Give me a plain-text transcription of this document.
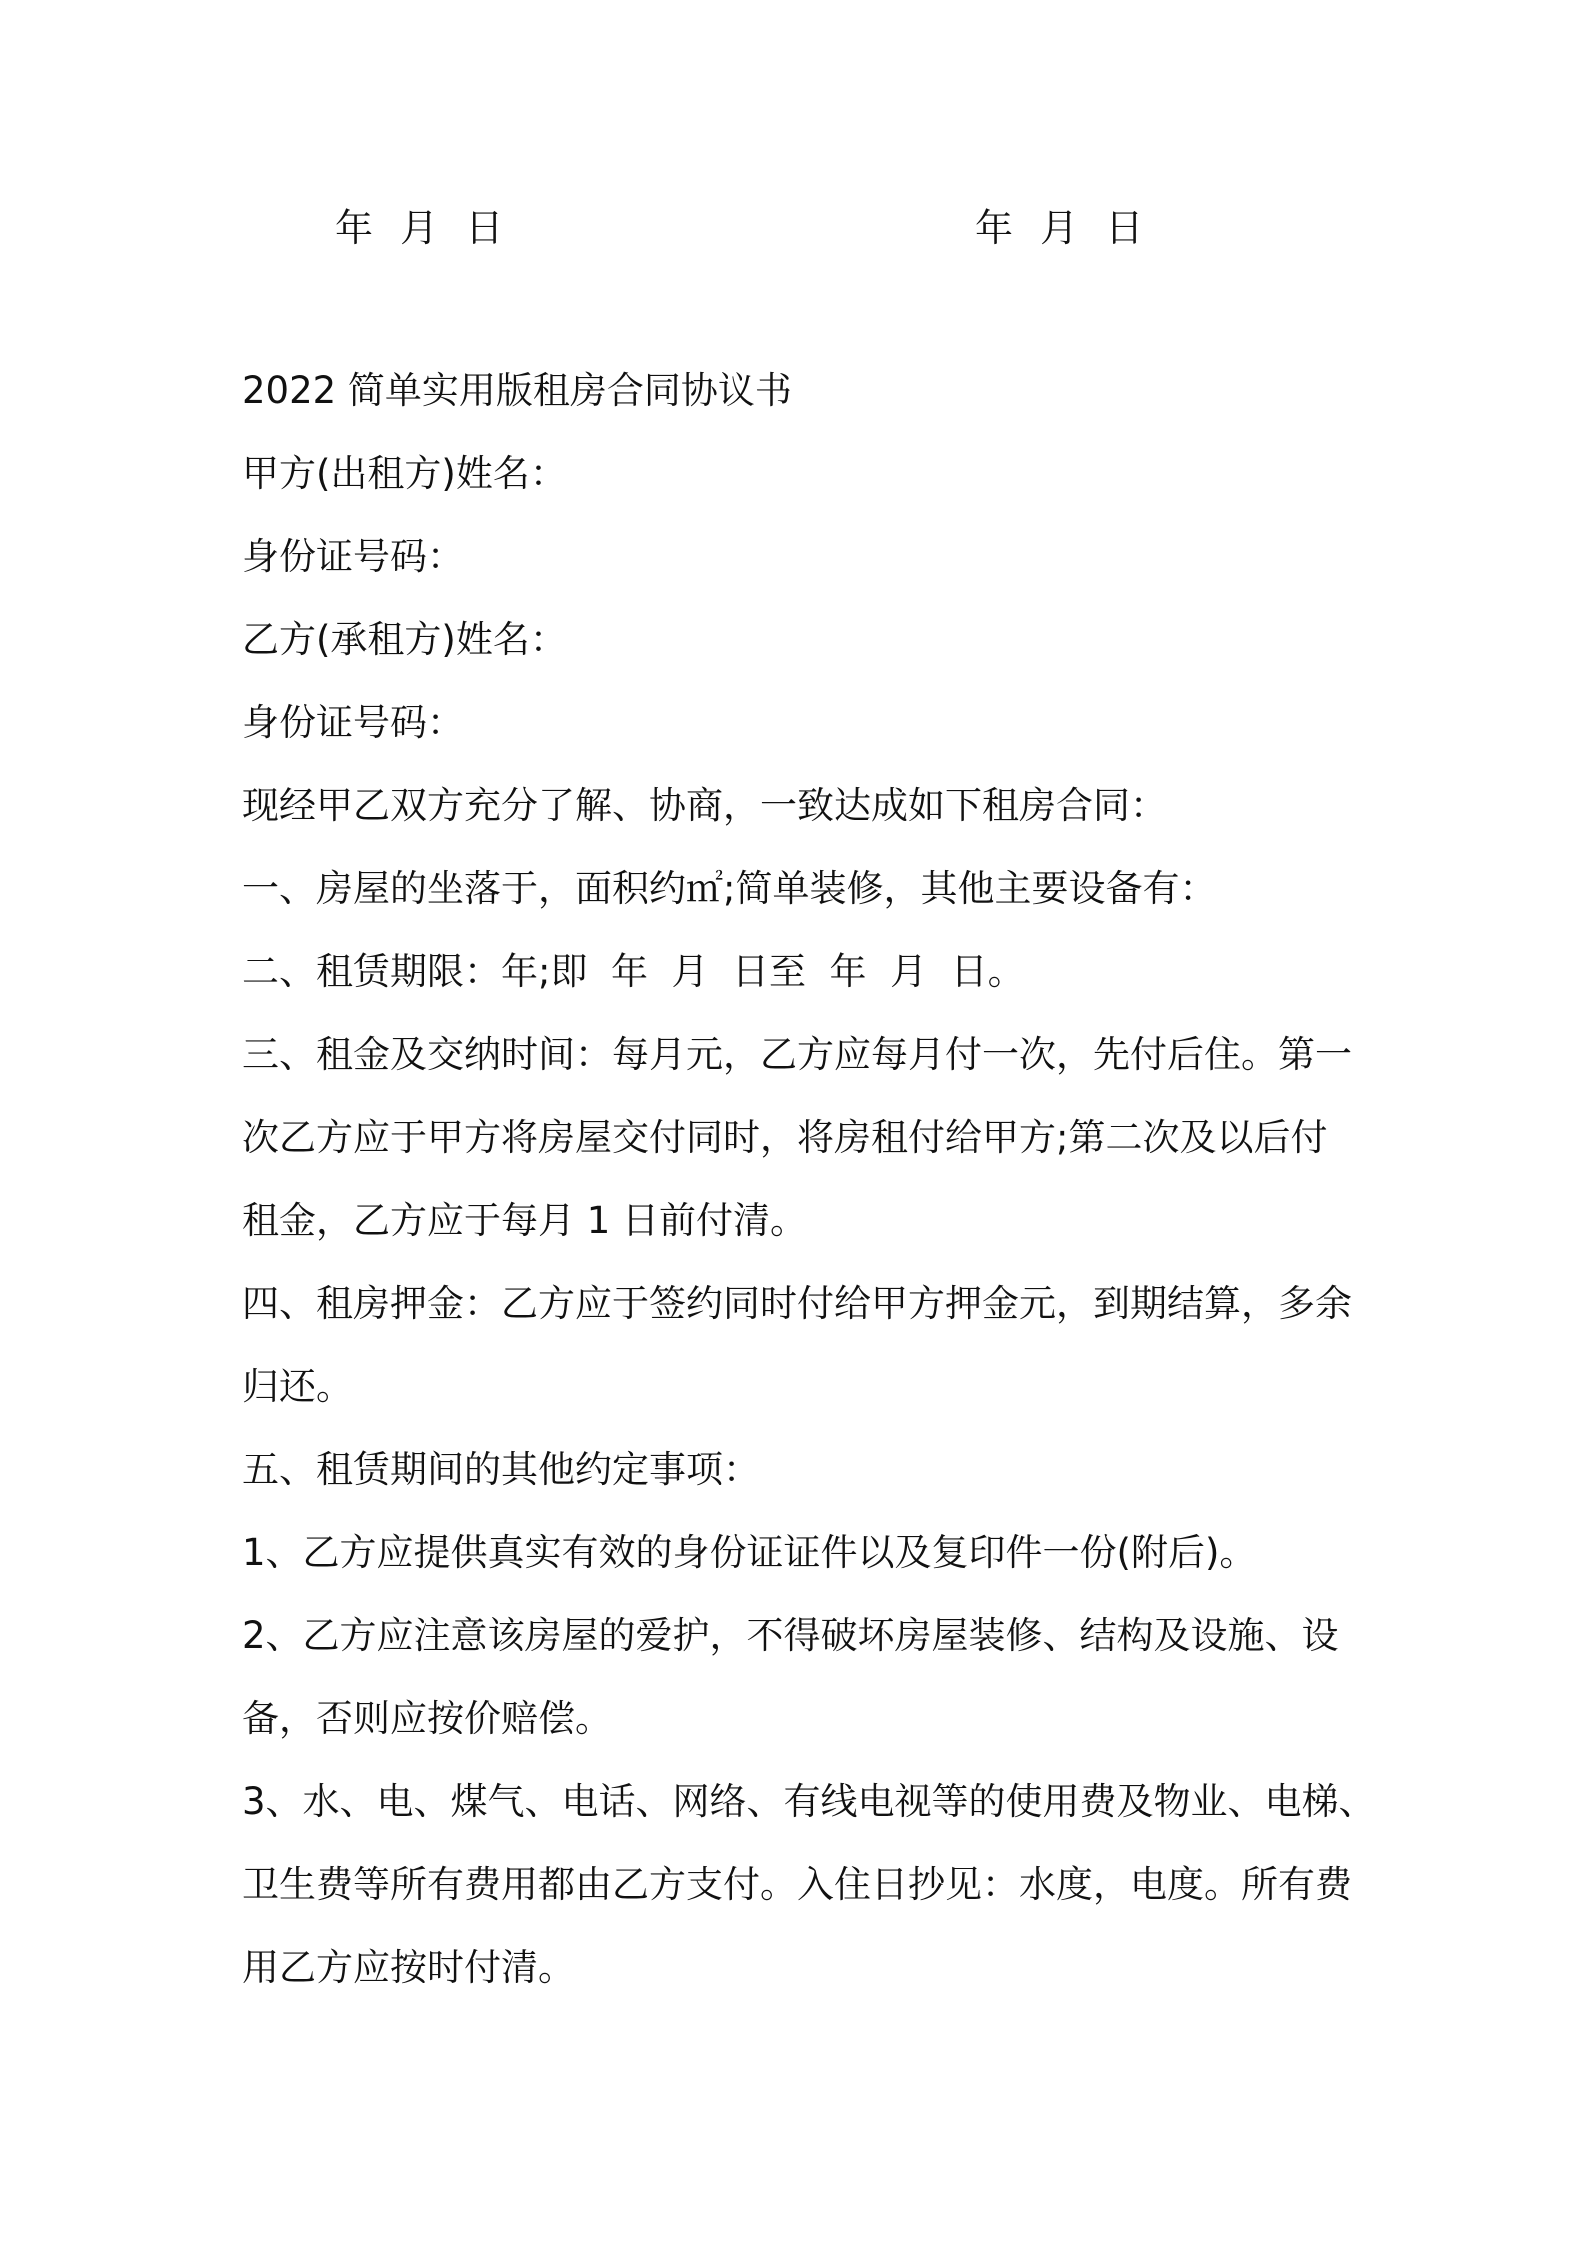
年  月  日	年  月  日

2022 简单实用版租房合同协议书

甲方(出租方)姓名：

身份证号码：

乙方(承租方)姓名：

身份证号码：

现经甲乙双方充分了解、协商，一致达成如下租房合同：

一、房屋的坐落于，面积约㎡;简单装修，其他主要设备有：

二、租赁期限：年;即  年  月  日至  年  月  日。

三、租金及交纳时间：每月元，乙方应每月付一次，先付后住。第一

次乙方应于甲方将房屋交付同时，将房租付给甲方;第二次及以后付

租金，乙方应于每月 1 日前付清。

四、租房押金：乙方应于签约同时付给甲方押金元，到期结算，多余

归还。

五、租赁期间的其他约定事项：

1、乙方应提供真实有效的身份证证件以及复印件一份(附后)。

2、乙方应注意该房屋的爱护，不得破坏房屋装修、结构及设施、设

备，否则应按价赔偿。

3、水、电、煤气、电话、网络、有线电视等的使用费及物业、电梯、

卫生费等所有费用都由乙方支付。入住日抄见：水度，电度。所有费

用乙方应按时付清。
